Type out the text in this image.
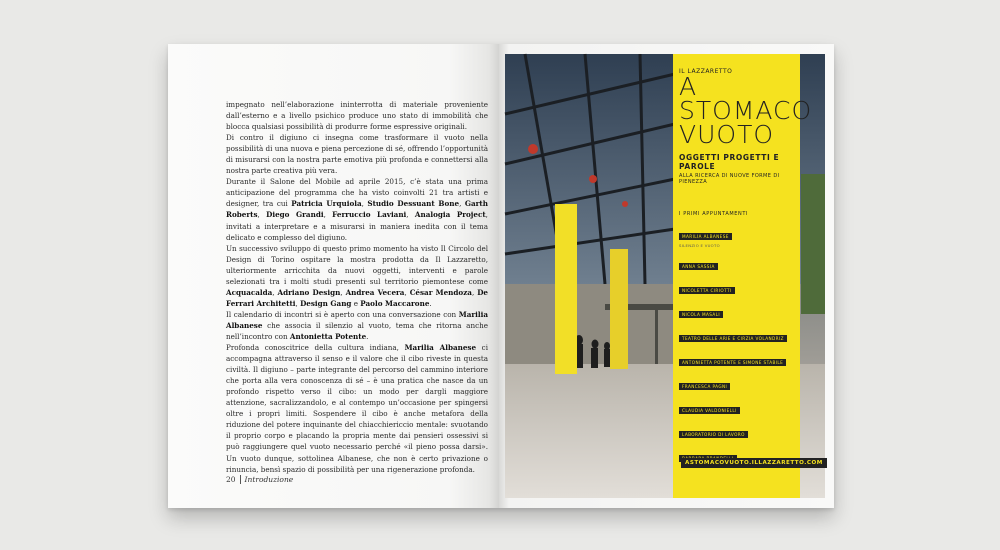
impegnato nell’elaborazione ininterrotta di materiale proveniente dall’esterno e a livello psichico produce uno stato di immobilità che blocca qualsiasi possibilità di produrre forme espressive originali.

Di contro il digiuno ci insegna come trasformare il vuoto nella possibilità di una nuova e piena percezione di sé, offrendo l’opportunità di misurarsi con la nostra parte emotiva più profonda e connettersi alla nostra parte creativa più vera.

Durante il Salone del Mobile ad aprile 2015, c’è stata una prima anticipazione del programma che ha visto coinvolti 21 tra artisti e designer, tra cui Patricia Urquiola, Studio Dessuant Bone, Garth Roberts, Diego Grandi, Ferruccio Laviani, Analogia Project, invitati a interpretare e a misurarsi in maniera inedita con il tema delicato e complesso del digiuno.

Un successivo sviluppo di questo primo momento ha visto Il Circolo del Design di Torino ospitare la mostra prodotta da Il Lazzaretto, ulteriormente arricchita da nuovi oggetti, interventi e parole selezionati tra i molti studi presenti sul territorio piemontese come Acquacalda, Adriano Design, Andrea Vecera, César Mendoza, De Ferrari Architetti, Design Gang e Paolo Maccarone.

Il calendario di incontri si è aperto con una conversazione con Marilia Albanese che associa il silenzio al vuoto, tema che ritorna anche nell’incontro con Antonietta Potente.

Profonda conoscitrice della cultura indiana, Marilia Albanese ci accompagna attraverso il senso e il valore che il cibo riveste in questa civiltà. Il digiuno – parte integrante del percorso del cammino interiore che porta alla vera conoscenza di sé – è una pratica che nasce da un profondo rispetto verso il cibo: un modo per dargli maggiore attenzione, sacralizzandolo, e al contempo un’occasione per spingersi oltre i propri limiti. Sospendere il cibo è anche metafora della riduzione del potere inquinante del chiacchiericcio mentale: svuotando il proprio corpo e placando la propria mente dai pensieri ossessivi si può raggiungere quel vuoto necessario perché «il pieno possa darsi». Un vuoto dunque, sottolinea Albanese, che non è certo privazione o rinuncia, bensì spazio di possibilità per una rigenerazione profonda.

20 Introduzione
IL LAZZARETTO
A STOMACO
VUOTO
OGGETTI PROGETTI E PAROLE
ALLA RICERCA DI NUOVE FORME DI PIENEZZA
I PRIMI APPUNTAMENTI
MARILIA ALBANESE
SILENZIO E VUOTO
ANNA SASSIA
NICOLETTA CIRIOTTI
NICOLA MASALI
TEATRO DELLE ARIE E CIRZIA VOLANDRIZ
ANTONIETTA POTENTE E SIMONE STABILE
FRANCESCA PAGNI
CLAUDIA VALDONIELLI
LABORATORIO DI LAVORO
ASTOMACOVUOTO.ILLAZZARETTO.COM
